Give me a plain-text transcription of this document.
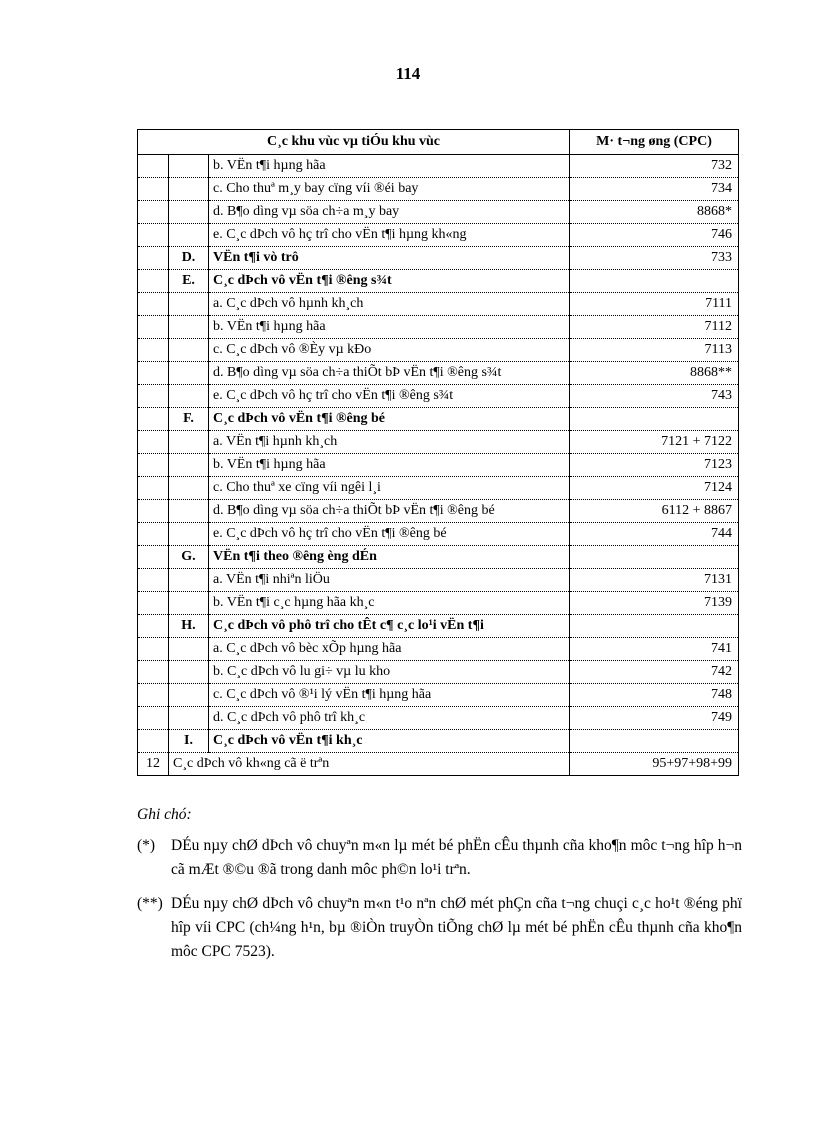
114
C¸c khu vùc vµ tiÓu khu vùc			M· t¬ng øng (CPC)
		b. VËn t¶i hµng hãa	732
		c. Cho thuª m¸y bay cïng víi ®éi bay	734
		d. B¶o dìng vµ söa ch÷a m¸y bay	8868*
		e. C¸c dÞch vô hç trî cho vËn t¶i hµng kh«ng	746
	D.	VËn t¶i vò trô	733
	E.	C¸c dÞch vô vËn t¶i ®êng s¾t	
		a. C¸c dÞch vô hµnh kh¸ch	7111
		b. VËn t¶i hµng hãa	7112
		c. C¸c dÞch vô ®Èy vµ kÐo	7113
		d. B¶o dìng vµ söa ch÷a thiÕt bÞ vËn t¶i ®êng s¾t	8868**
		e. C¸c dÞch vô hç trî cho vËn t¶i ®êng s¾t	743
	F.	C¸c dÞch vô vËn t¶i ®êng bé	
		a. VËn t¶i hµnh kh¸ch	7121 + 7122
		b. VËn t¶i hµng hãa	7123
		c. Cho thuª xe cïng víi ngêi l¸i	7124
		d. B¶o dìng vµ söa ch÷a thiÕt bÞ vËn t¶i ®êng bé	6112 + 8867
		e. C¸c dÞch vô hç trî cho vËn t¶i ®êng bé	744
	G.	VËn t¶i theo ®êng èng dÉn	
		a. VËn t¶i nhiªn liÖu	7131
		b. VËn t¶i c¸c hµng hãa kh¸c	7139
	H.	C¸c dÞch vô phô trî cho tÊt c¶ c¸c lo¹i vËn t¶i	
		a. C¸c dÞch vô bèc xÕp hµng hãa	741
		b. C¸c dÞch vô lu gi÷ vµ lu kho	742
		c. C¸c dÞch vô ®¹i lý vËn t¶i hµng hãa	748
		d. C¸c dÞch vô phô trî kh¸c	749
	I.	C¸c dÞch vô vËn t¶i kh¸c	
12	C¸c dÞch vô kh«ng cã ë trªn		95+97+98+99
Ghi chó:
(*)	DÉu nµy chØ dÞch vô chuyªn m«n lµ mét bé phËn cÊu thµnh cña kho¶n môc t¬ng hîp h¬n cã mÆt ®©u ®ã trong danh môc ph©n lo¹i trªn.
(**) DÉu nµy chØ dÞch vô chuyªn m«n t¹o nªn chØ mét phÇn cña t¬ng chuçi c¸c ho¹t ®éng phï hîp víi CPC (ch¼ng h¹n, bµ ®iÒn truyÒn tiÕng chØ lµ mét bé phËn cÊu thµnh cña kho¶n môc CPC 7523).
